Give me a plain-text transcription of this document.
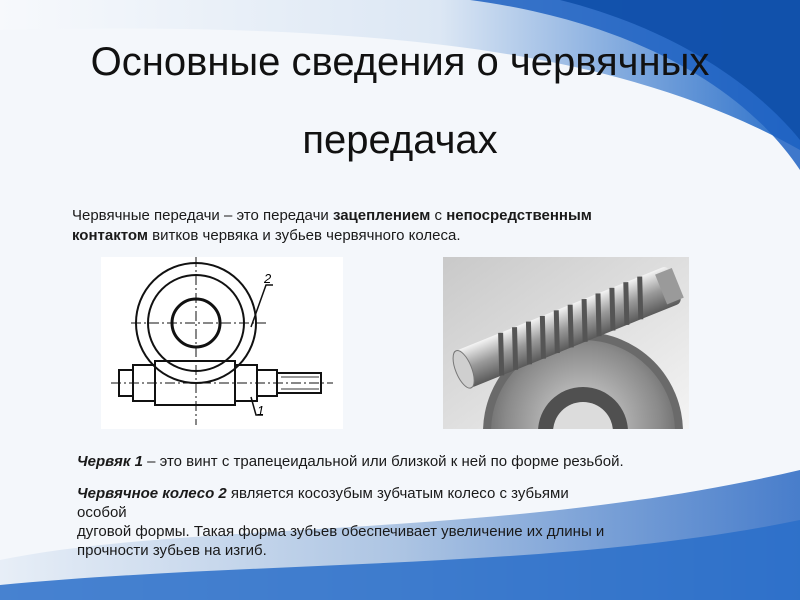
Основные сведения о червячных
передачах
Червячные передачи – это передачи зацеплением с непосредственным
контактом витков червяка и зубьев червячного колеса.
2
1
Червяк 1 – это винт с трапецеидальной или близкой к ней по форме резьбой.
Червячное колесо 2 является косозубым зубчатым колесо с зубьями
особой
дуговой формы. Такая форма зубьев обеспечивает увеличение их длины и
прочности зубьев на изгиб.
